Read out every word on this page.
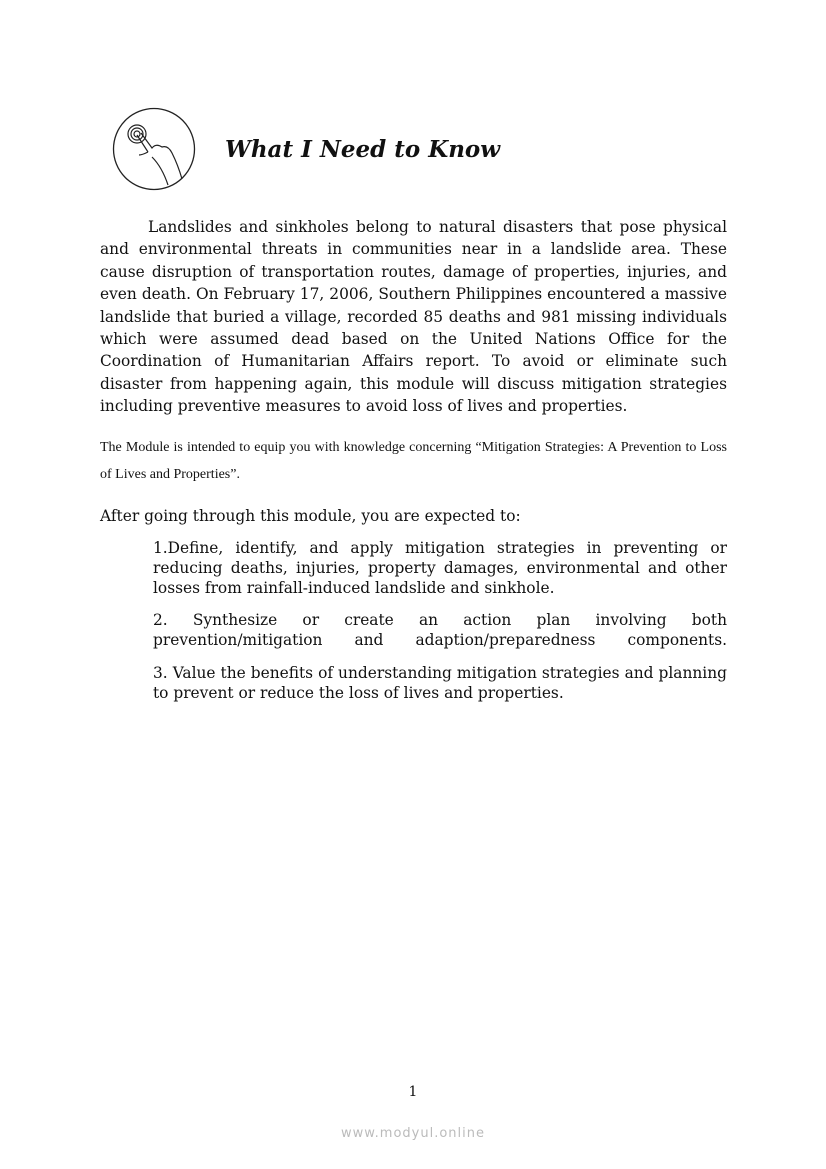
What I Need to Know

Landslides and sinkholes belong to natural disasters that pose physical and environmental threats in communities near in a landslide area. These cause disruption of transportation routes, damage of properties, injuries, and even death. On February 17, 2006, Southern Philippines encountered a massive landslide that buried a village, recorded 85 deaths and 981 missing individuals which were assumed dead based on the United Nations Office for the Coordination of Humanitarian Affairs report. To avoid or eliminate such disaster from happening again, this module will discuss mitigation strategies including preventive measures to avoid loss of lives and properties.

The Module is intended to equip you with knowledge concerning “Mitigation Strategies: A Prevention to Loss of Lives and Properties”.

After going through this module, you are expected to:

1.Define, identify, and apply mitigation strategies in preventing or reducing deaths, injuries, property damages, environmental and other losses from rainfall-induced landslide and sinkhole.

2. Synthesize or create an action plan involving both prevention/mitigation and adaption/preparedness components.

3. Value the benefits of understanding mitigation strategies and planning to prevent or reduce the loss of lives and properties.

1
www.modyul.online
